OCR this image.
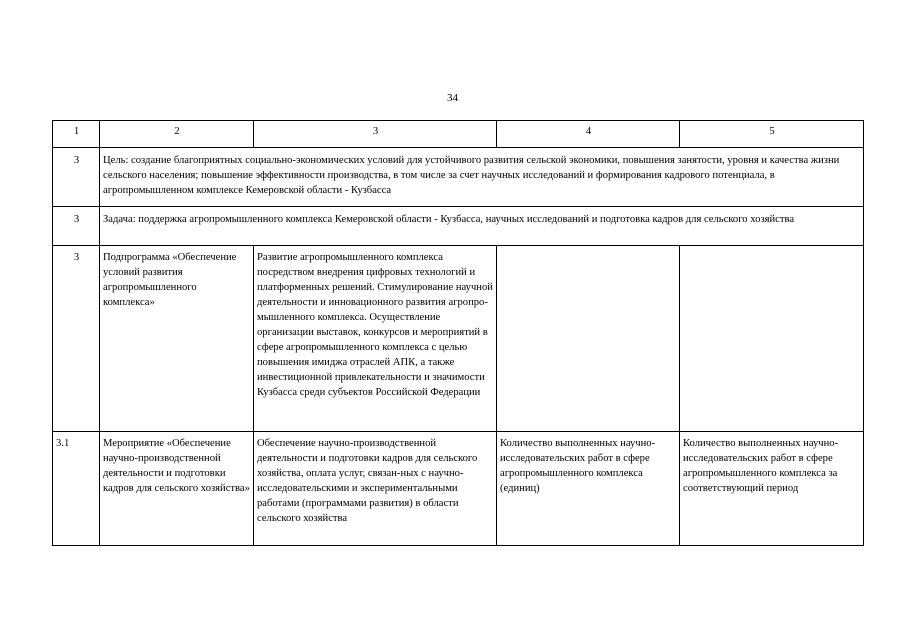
34
1	2	3	4	5
3	Цель: создание благоприятных социально-экономических условий для устойчивого развития сельской экономики, повышения занятости, уровня и качества жизни сельского населения; повышение эффективности производства, в том числе за счет научных исследований и формирования кадрового потенциала, в агропромышленном комплексе Кемеровской области - Кузбасса			
3	Задача: поддержка агропромышленного комплекса Кемеровской области - Кузбасса, научных исследований и подготовка кадров для сельского хозяйства			
3	Подпрограмма «Обеспечение условий развития агропромышленного комплекса»	Развитие агропромышленного комплекса посредством внедрения цифровых технологий и платформенных решений. Стимулирование научной деятельности и инновационного развития агропро-мышленного комплекса. Осуществление организации выставок, конкурсов и мероприятий в сфере агропромышленного комплекса с целью повышения имиджа отраслей АПК, а также инвестиционной привлекательности и значимости Кузбасса среди субъектов Российской Федерации		
3.1	Мероприятие «Обеспечение научно-производственной деятельности и подготовки кадров для сельского хозяйства»	Обеспечение научно-производственной деятельности и подготовки кадров для сельского хозяйства, оплата услуг, связан-ных с научно-исследовательскими и экспериментальными работами (программами развития) в области сельского хозяйства	Количество выполненных научно-исследовательских работ в сфере агропромышленного комплекса (единиц)	Количество выполненных научно-исследовательских работ в сфере агропромышленного комплекса за соответствующий период
